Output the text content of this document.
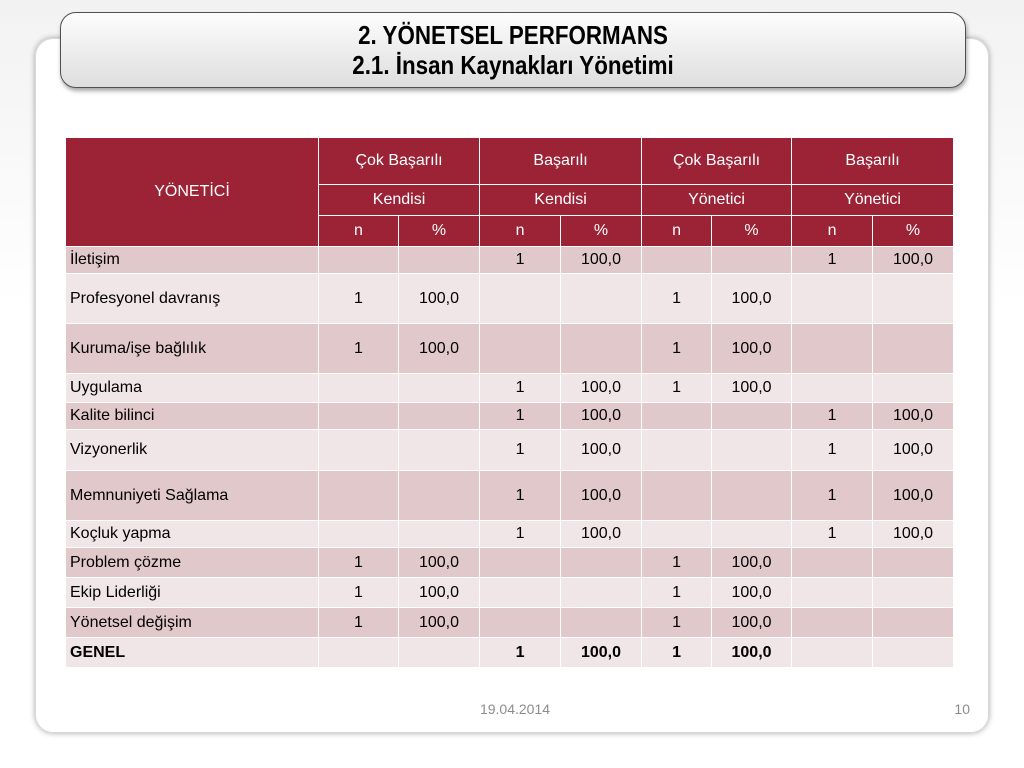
2. YÖNETSEL PERFORMANS
2.1. İnsan Kaynakları Yönetimi
YÖNETİCİ	Çok Başarılı		Başarılı		Çok Başarılı		Başarılı	
	Kendisi		Kendisi		Yönetici		Yönetici	
	n	%	n	%	n	%	n	%
İletişim			1	100,0			1	100,0
Profesyonel davranış	1	100,0			1	100,0		
Kuruma/işe bağlılık	1	100,0			1	100,0		
Uygulama			1	100,0	1	100,0		
Kalite bilinci			1	100,0			1	100,0
Vizyonerlik			1	100,0			1	100,0
Memnuniyeti Sağlama			1	100,0			1	100,0
Koçluk yapma			1	100,0			1	100,0
Problem çözme	1	100,0			1	100,0		
Ekip Liderliği	1	100,0			1	100,0		
Yönetsel değişim	1	100,0			1	100,0		
GENEL			1	100,0	1	100,0		
19.04.2014	10
